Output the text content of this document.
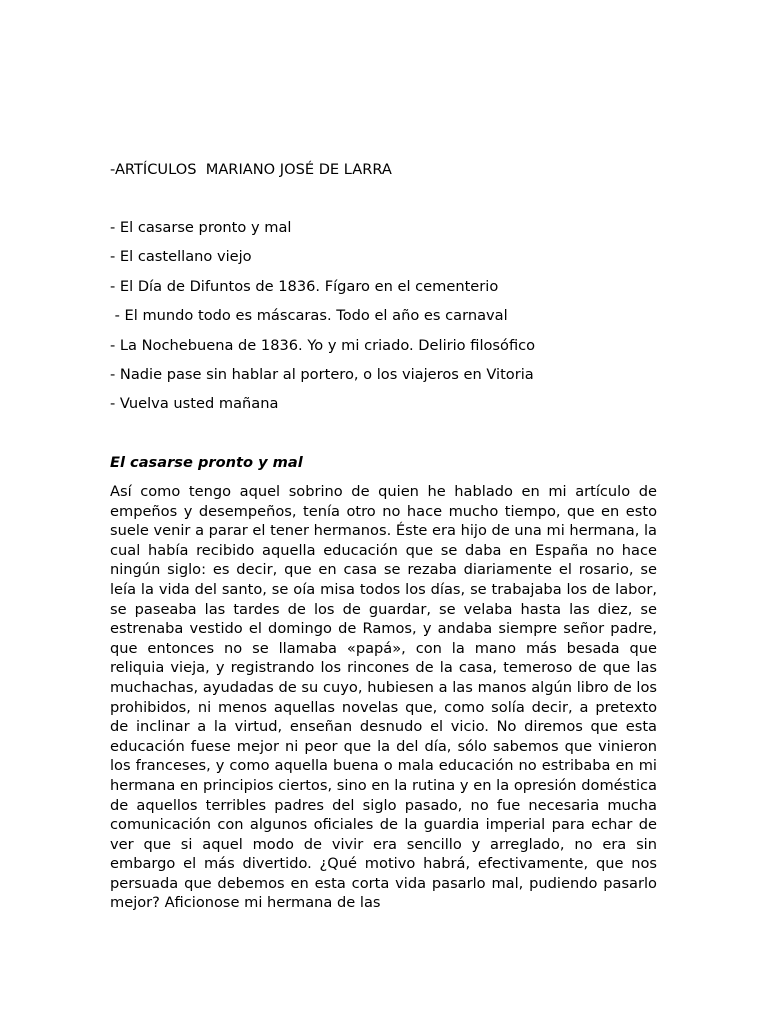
-ARTÍCULOS  MARIANO JOSÉ DE LARRA

- El casarse pronto y mal
- El castellano viejo
- El Día de Difuntos de 1836. Fígaro en el cementerio
- El mundo todo es máscaras. Todo el año es carnaval
- La Nochebuena de 1836. Yo y mi criado. Delirio filosófico
- Nadie pase sin hablar al portero, o los viajeros en Vitoria
- Vuelva usted mañana

El casarse pronto y mal

Así como tengo aquel sobrino de quien he hablado en mi artículo de empeños y desempeños, tenía otro no hace mucho tiempo, que en esto suele venir a parar el tener hermanos. Éste era hijo de una mi hermana, la cual había recibido aquella educación que se daba en España no hace ningún siglo: es decir, que en casa se rezaba diariamente el rosario, se leía la vida del santo, se oía misa todos los días, se trabajaba los de labor, se paseaba las tardes de los de guardar, se velaba hasta las diez, se estrenaba vestido el domingo de Ramos, y andaba siempre señor padre, que entonces no se llamaba «papá», con la mano más besada que reliquia vieja, y registrando los rincones de la casa, temeroso de que las muchachas, ayudadas de su cuyo, hubiesen a las manos algún libro de los prohibidos, ni menos aquellas novelas que, como solía decir, a pretexto de inclinar a la virtud, enseñan desnudo el vicio. No diremos que esta educación fuese mejor ni peor que la del día, sólo sabemos que vinieron los franceses, y como aquella buena o mala educación no estribaba en mi hermana en principios ciertos, sino en la rutina y en la opresión doméstica de aquellos terribles padres del siglo pasado, no fue necesaria mucha comunicación con algunos oficiales de la guardia imperial para echar de ver que si aquel modo de vivir era sencillo y arreglado, no era sin embargo el más divertido. ¿Qué motivo habrá, efectivamente, que nos persuada que debemos en esta corta vida pasarlo mal, pudiendo pasarlo mejor? Aficionose mi hermana de las
